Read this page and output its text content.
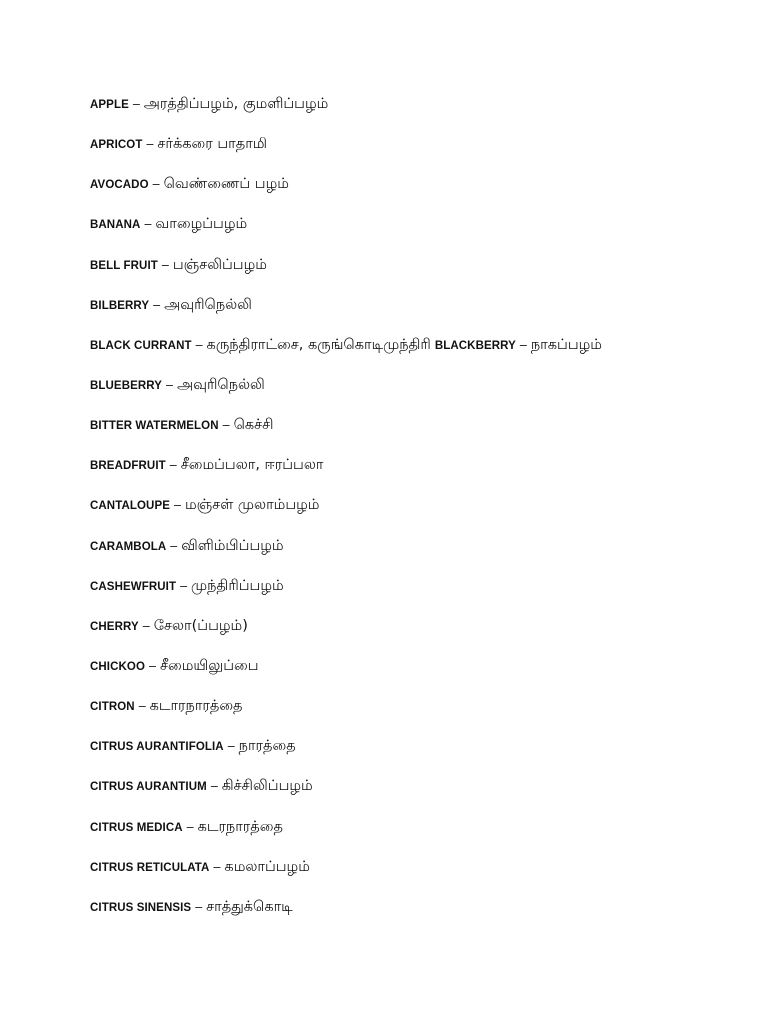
APPLE – அரத்திப்பழம், குமளிப்பழம்
APRICOT – சர்க்கரை பாதாமி
AVOCADO – வெண்ணைப் பழம்
BANANA – வாழைப்பழம்
BELL FRUIT – பஞ்சலிப்பழம்
BILBERRY – அவுரிநெல்லி
BLACK CURRANT – கருந்திராட்சை, கருங்கொடிமுந்திரி BLACKBERRY – நாகப்பழம்
BLUEBERRY – அவுரிநெல்லி
BITTER WATERMELON – கெச்சி
BREADFRUIT – சீமைப்பலா, ஈரப்பலா
CANTALOUPE – மஞ்சள் முலாம்பழம்
CARAMBOLA – விளிம்பிப்பழம்
CASHEWFRUIT – முந்திரிப்பழம்
CHERRY – சேலா(ப்பழம்)
CHICKOO – சீமையிலுப்பை
CITRON – கடாரநாரத்தை
CITRUS AURANTIFOLIA – நாரத்தை
CITRUS AURANTIUM – கிச்சிலிப்பழம்
CITRUS MEDICA – கடரநாரத்தை
CITRUS RETICULATA – கமலாப்பழம்
CITRUS SINENSIS – சாத்துக்கொடி
